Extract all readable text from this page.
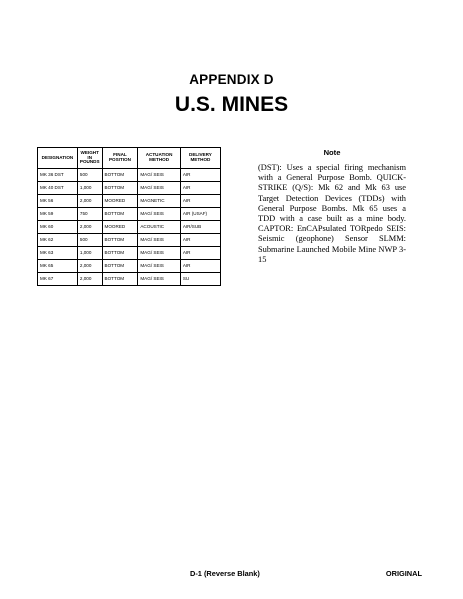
APPENDIX D
U.S. MINES
DESIGNATION	WEIGHT IN POUNDS	FINAL POSITION	ACTUATION METHOD	DELIVERY METHOD
MK 36 DST	500	BOTTOM	MAG/ SEIS	AIR
MK 40 DST	1,000	BOTTOM	MAG/ SEIS	AIR
MK 56	2,000	MOORED	MAGNETIC	AIR
MK 59	750	BOTTOM	MAG/ SEIS	AIR (USAF)
MK 60	2,000	MOORED	ACOUSTIC	AIR/SUB
MK 62	500	BOTTOM	MAG/ SEIS	AIR
MK 63	1,000	BOTTOM	MAG/ SEIS	AIR
MK 65	2,000	BOTTOM	MAG/ SEIS	AIR
MK 67	2,000	BOTTOM	MAG/ SEIS	SU
Note

(DST): Uses a special firing mechanism with a General Purpose Bomb. QUICK-STRIKE (Q/S): Mk 62 and Mk 63 use Target Detection Devices (TDDs) with General Purpose Bombs. Mk 65 uses a TDD with a case built as a mine body. CAPTOR: EnCAPsulated TORpedo SEIS: Seismic (geophone) Sensor SLMM: Submarine Launched Mobile Mine NWP 3-15

D-1 (Reverse Blank)	ORIGINAL
